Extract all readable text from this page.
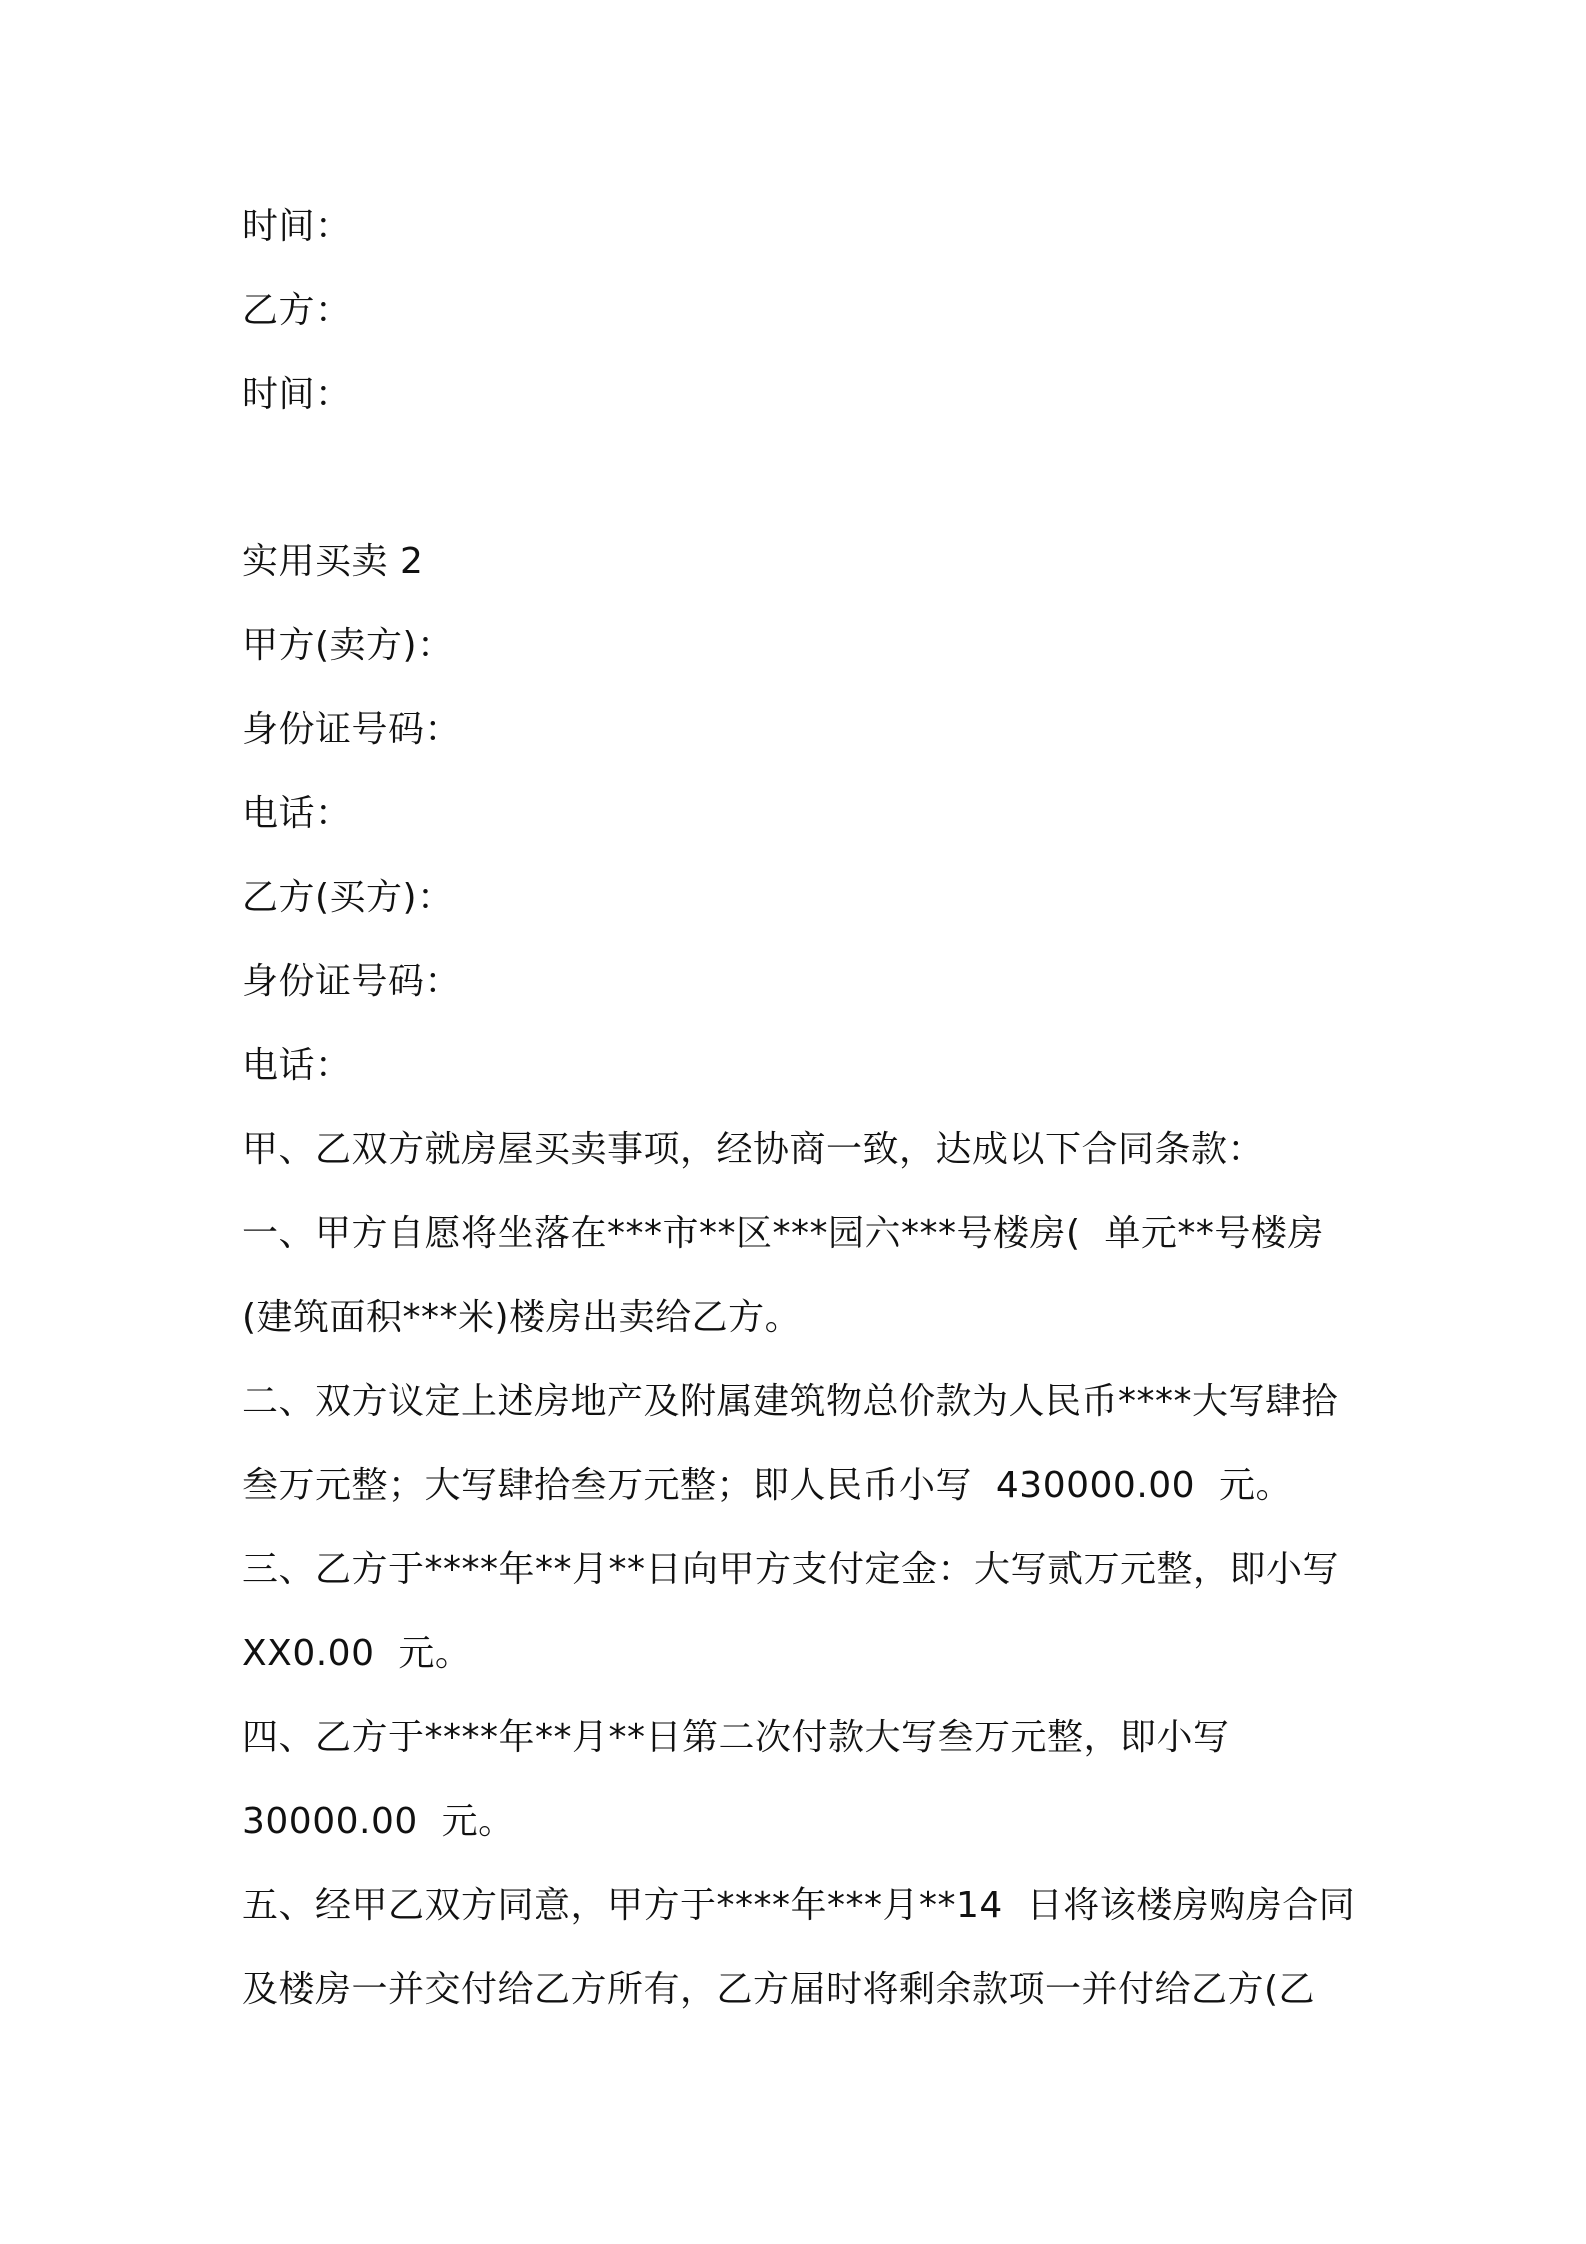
时间：
乙方：
时间：
实用买卖 2
甲方(卖方)：
身份证号码：
电话：
乙方(买方)：
身份证号码：
电话：
甲、乙双方就房屋买卖事项，经协商一致，达成以下合同条款：
一、甲方自愿将坐落在***市**区***园六***号楼房(  单元**号楼房
(建筑面积***米)楼房出卖给乙方。
二、双方议定上述房地产及附属建筑物总价款为人民币****大写肆拾
叁万元整；大写肆拾叁万元整；即人民币小写  430000.00  元。
三、乙方于****年**月**日向甲方支付定金：大写贰万元整，即小写
XX0.00  元。
四、乙方于****年**月**日第二次付款大写叁万元整，即小写
30000.00  元。
五、经甲乙双方同意，甲方于****年***月**14  日将该楼房购房合同
及楼房一并交付给乙方所有，乙方届时将剩余款项一并付给乙方(乙
